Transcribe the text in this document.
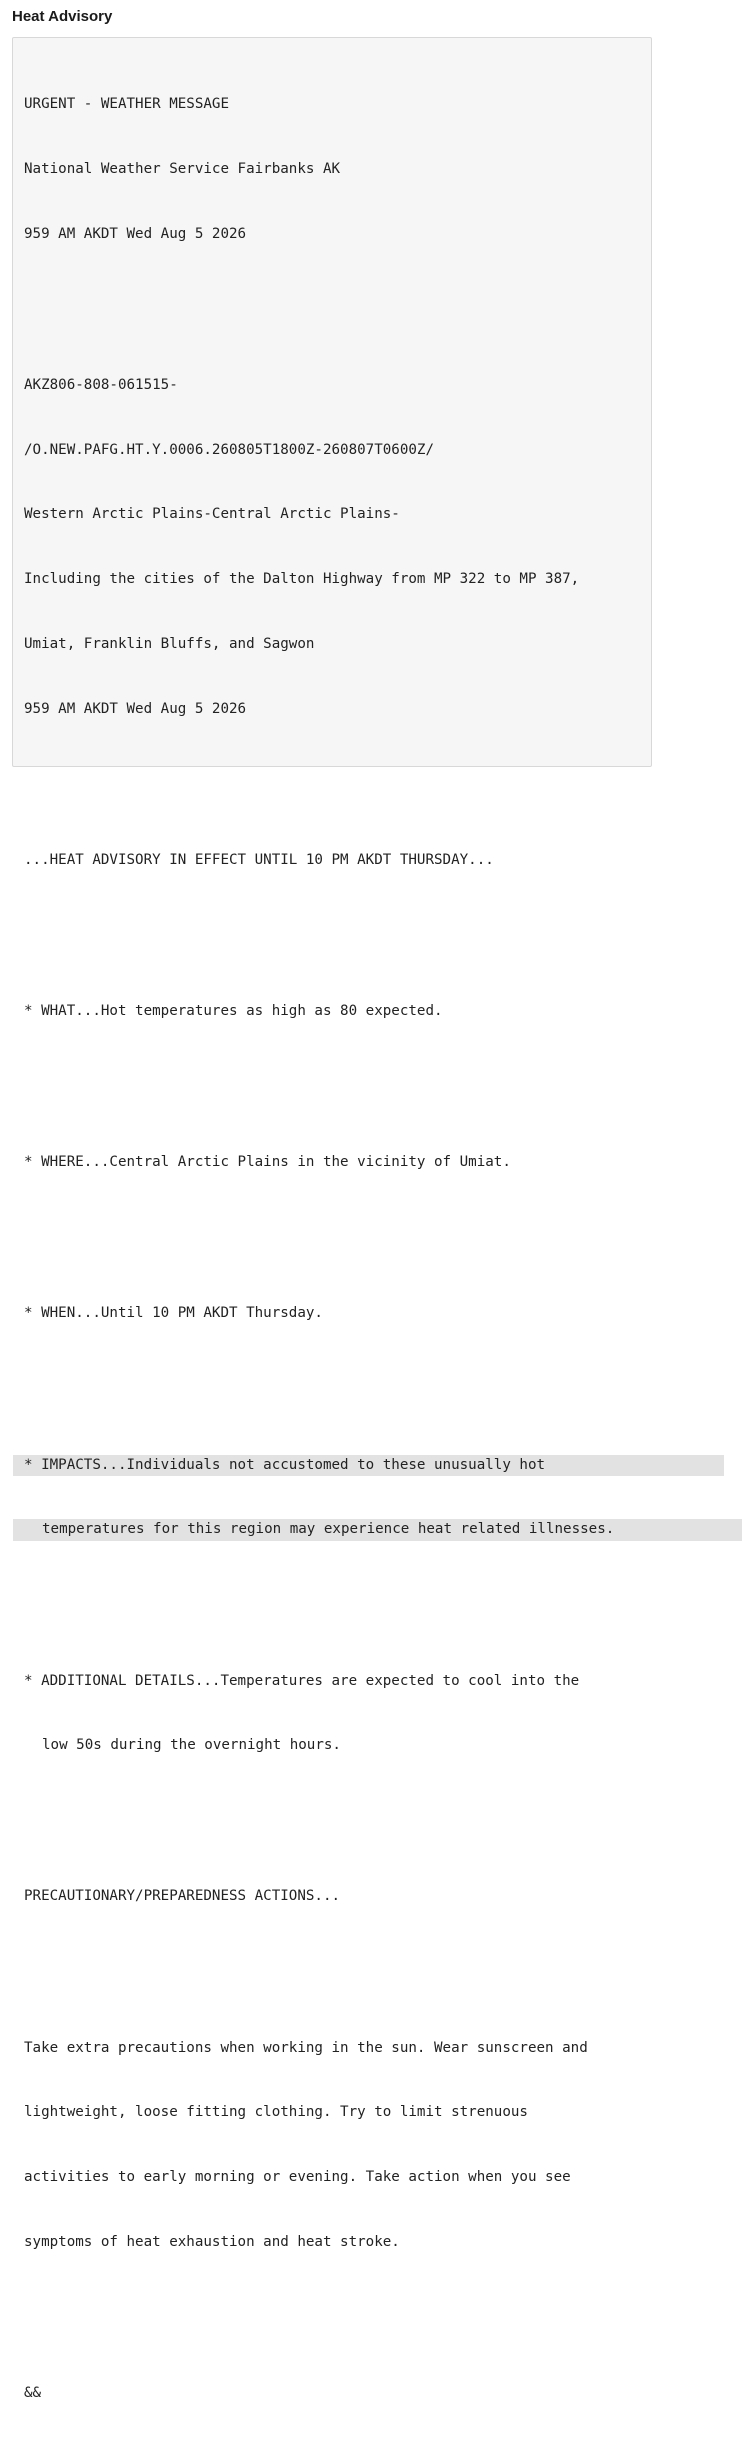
Heat Advisory

URGENT - WEATHER MESSAGE

National Weather Service Fairbanks AK

959 AM AKDT Wed Aug 5 2026

AKZ806-808-061515-

/O.NEW.PAFG.HT.Y.0006.260805T1800Z-260807T0600Z/

Western Arctic Plains-Central Arctic Plains-

Including the cities of the Dalton Highway from MP 322 to MP 387,

Umiat, Franklin Bluffs, and Sagwon

959 AM AKDT Wed Aug 5 2026

...HEAT ADVISORY IN EFFECT UNTIL 10 PM AKDT THURSDAY...

* WHAT...Hot temperatures as high as 80 expected.

* WHERE...Central Arctic Plains in the vicinity of Umiat.

* WHEN...Until 10 PM AKDT Thursday.

* IMPACTS...Individuals not accustomed to these unusually hot

temperatures for this region may experience heat related illnesses.

* ADDITIONAL DETAILS...Temperatures are expected to cool into the

low 50s during the overnight hours.

PRECAUTIONARY/PREPAREDNESS ACTIONS...

Take extra precautions when working in the sun. Wear sunscreen and

lightweight, loose fitting clothing. Try to limit strenuous

activities to early morning or evening. Take action when you see

symptoms of heat exhaustion and heat stroke.

&&
